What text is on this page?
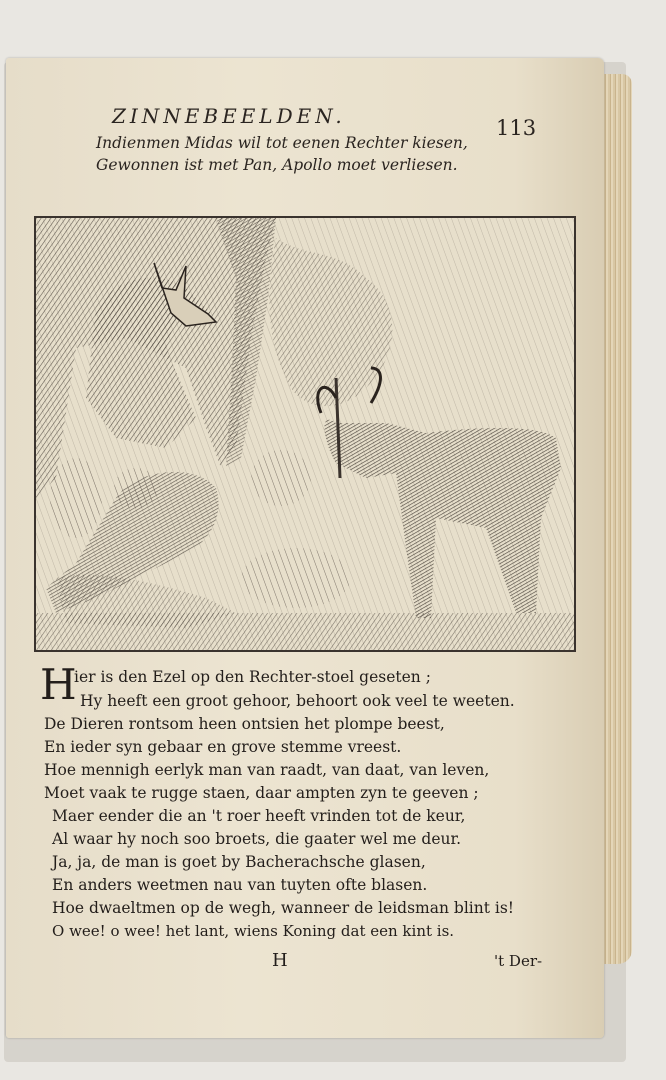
ZINNEBEELDEN.	113
Indienmen Midas wil tot eenen Rechter kiesen,
Gewonnen ist met Pan, Apollo moet verliesen.
H
ier is den Ezel op den Rechter-stoel geseten ;
Hy heeft een groot gehoor, behoort ook veel te weeten.
De Dieren rontsom heen ontsien het plompe beest,
En ieder syn gebaar en grove stemme vreest.
Hoe mennigh eerlyk man van raadt, van daat, van leven,
Moet vaak te rugge staen, daar ampten zyn te geeven ;
Maer eender die an 't roer heeft vrinden tot de keur,
Al waar hy noch soo broets, die gaater wel me deur.
Ja, ja, de man is goet by Bacherachsche glasen,
En anders weetmen nau van tuyten ofte blasen.
Hoe dwaeltmen op de wegh, wanneer de leidsman blint is!
O wee! o wee! het lant, wiens Koning dat een kint is.
H	't Der-
